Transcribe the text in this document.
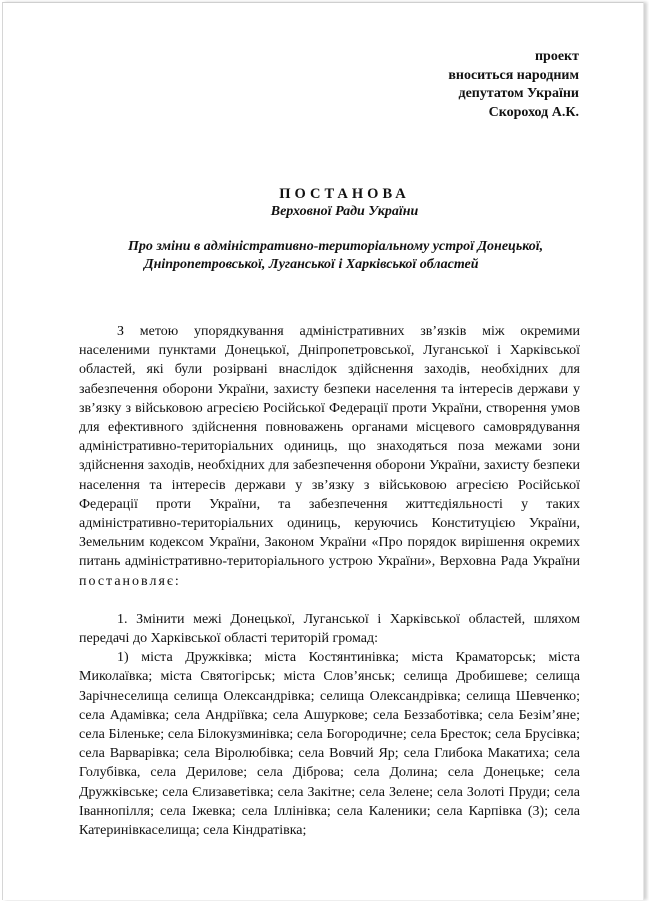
проект
вноситься народним
депутатом України
Скороход А.К.
ПОСТАНОВА
Верховної Ради України
Про зміни в адміністративно-територіальному устрої Донецької,
Дніпропетровської, Луганської і Харківської областей

З метою упорядкування адміністративних зв’язків між окремими населеними пунктами Донецької, Дніпропетровської, Луганської і Харківської областей, які були розірвані внаслідок здійснення заходів, необхідних для забезпечення оборони України, захисту безпеки населення та інтересів держави у зв’язку з військовою агресією Російської Федерації проти України, створення умов для ефективного здійснення повноважень органами місцевого самоврядування адміністративно-територіальних одиниць, що знаходяться поза межами зони здійснення заходів, необхідних для забезпечення оборони України, захисту безпеки населення та інтересів держави у зв’язку з військовою агресією Російської Федерації проти України, та забезпечення життєдіяльності у таких адміністративно-територіальних одиниць, керуючись Конституцією України, Земельним кодексом України, Законом України «Про порядок вирішення окремих питань адміністративно-територіального устрою України», Верховна Рада України постановляє:

1. Змінити межі Донецької, Луганської і Харківської областей, шляхом передачі до Харківської області територій громад:

1) міста Дружківка; міста Костянтинівка; міста Краматорськ; міста Миколаївка; міста Святогірськ; міста Слов’янськ; селища Дробишеве; селища Зарічнеселища селища Олександрівка; селища Олександрівка; селища Шевченко; села Адамівка; села Андріївка; села Ашуркове; села Беззаботівка; села Безім’яне; села Біленьке; села Білокузминівка; села Богородичне; села Бресток; села Брусівка; села Варварівка; села Віролюбівка; села Вовчий Яр; села Глибока Макатиха; села Голубівка, села Дерилове; села Діброва; села Долина; села Донецьке; села Дружківське; села Єлизаветівка; села Закітне; села Зелене; села Золоті Пруди; села Іваннопілля; села Іжевка; села Іллінівка; села Каленики; села Карпівка (3); села Катеринівкаселища; села Кіндратівка;
